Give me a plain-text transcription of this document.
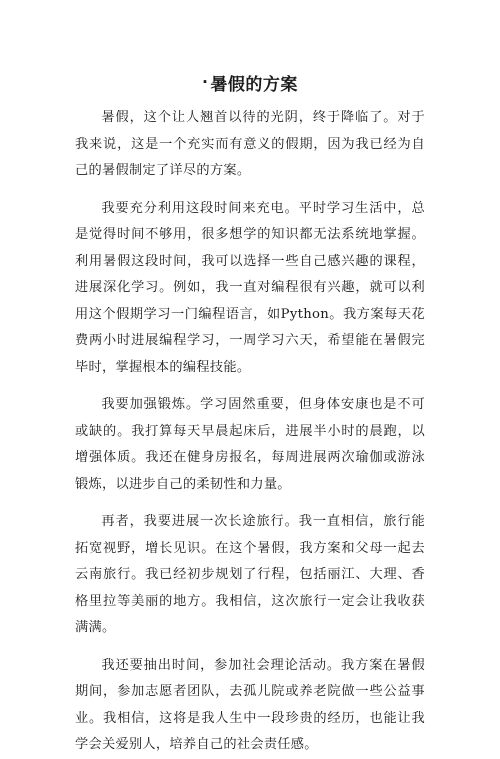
· 暑假的方案

暑假，这个让人翘首以待的光阴，终于降临了。对于我来说，这是一个充实而有意义的假期，因为我已经为自己的暑假制定了详尽的方案。

我要充分利用这段时间来充电。平时学习生活中，总是觉得时间不够用，很多想学的知识都无法系统地掌握。利用暑假这段时间，我可以选择一些自己感兴趣的课程，进展深化学习。例如，我一直对编程很有兴趣，就可以利用这个假期学习一门编程语言，如Python。我方案每天花费两小时进展编程学习，一周学习六天，希望能在暑假完毕时，掌握根本的编程技能。

我要加强锻炼。学习固然重要，但身体安康也是不可或缺的。我打算每天早晨起床后，进展半小时的晨跑，以增强体质。我还在健身房报名，每周进展两次瑜伽或游泳锻炼，以进步自己的柔韧性和力量。

再者，我要进展一次长途旅行。我一直相信，旅行能拓宽视野，增长见识。在这个暑假，我方案和父母一起去云南旅行。我已经初步规划了行程，包括丽江、大理、香格里拉等美丽的地方。我相信，这次旅行一定会让我收获满满。

我还要抽出时间，参加社会理论活动。我方案在暑假期间，参加志愿者团队，去孤儿院或养老院做一些公益事业。我相信，这将是我人生中一段珍贵的经历，也能让我学会关爱别人，培养自己的社会责任感。
